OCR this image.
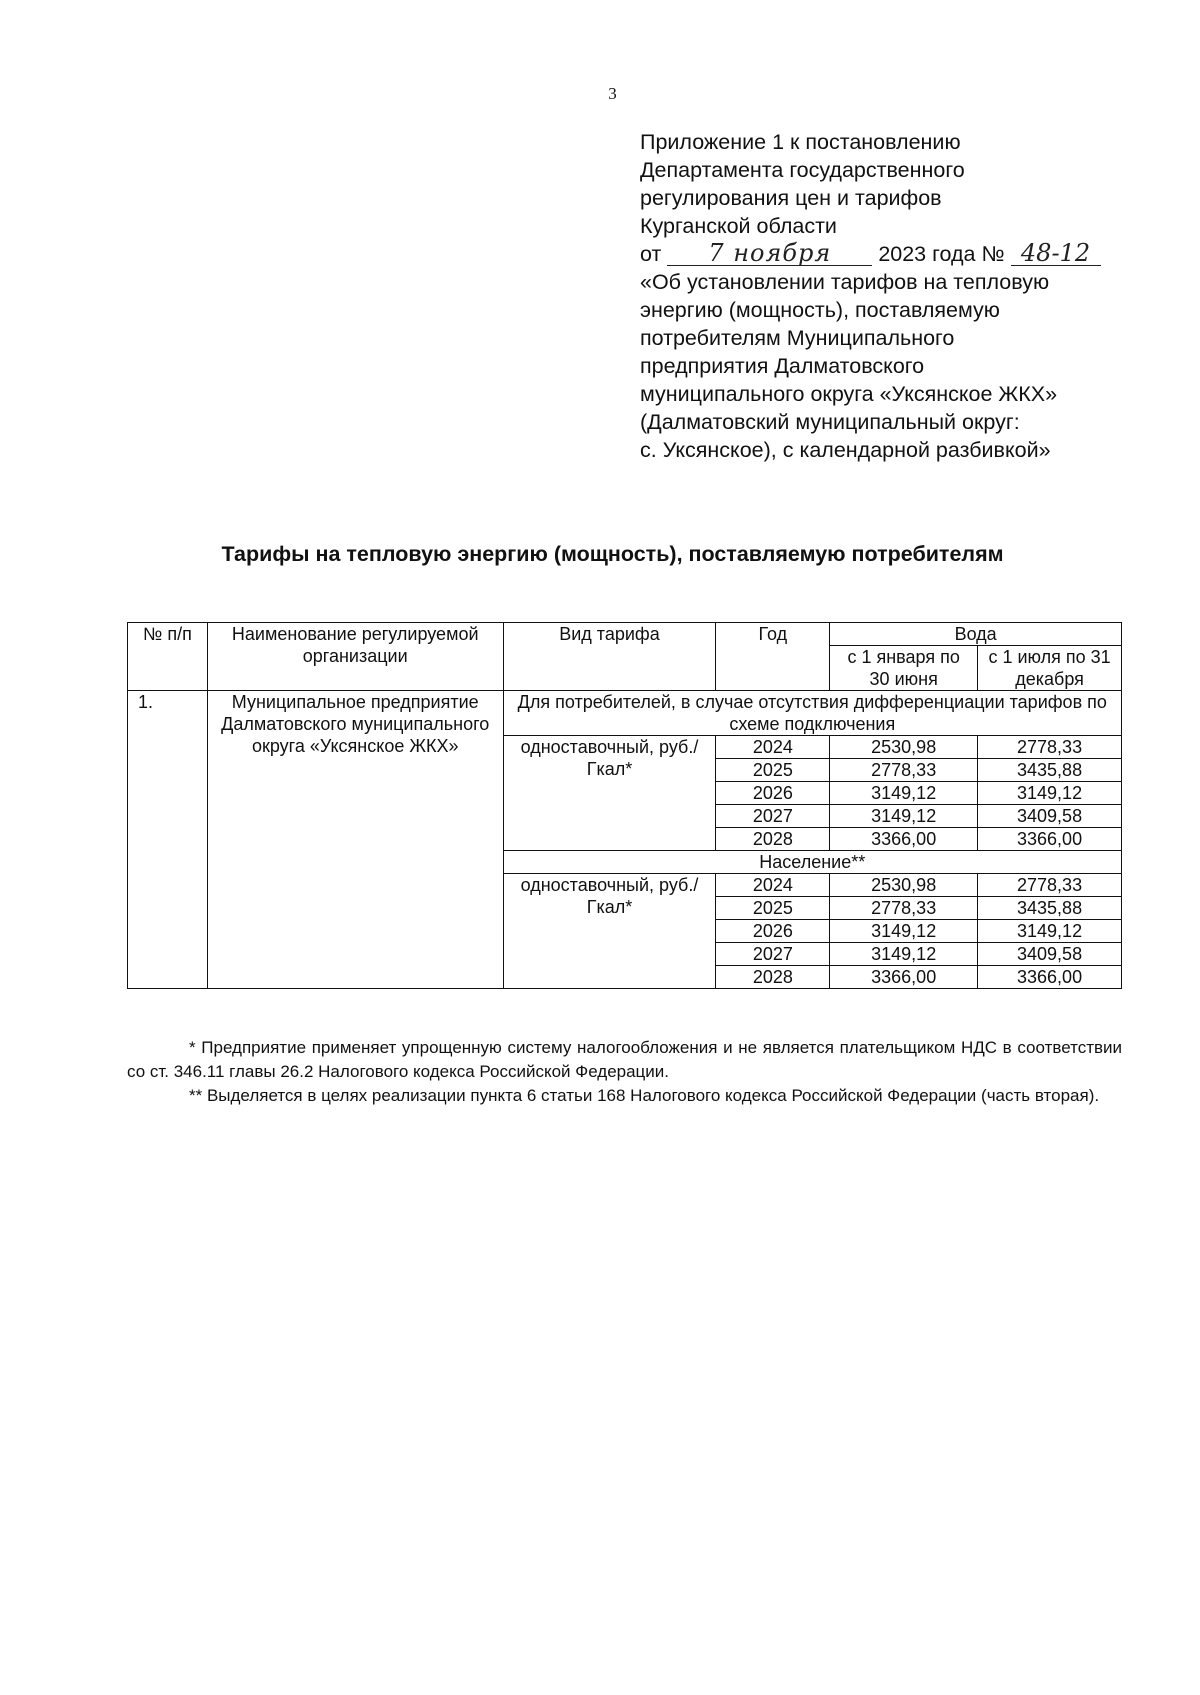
3
Приложение 1 к постановлению
Департамента государственного
регулирования цен и тарифов
Курганской области
от 7 ноября 2023 года № 48-12
«Об установлении тарифов на тепловую
энергию (мощность), поставляемую
потребителям Муниципального
предприятия Далматовского
муниципального округа «Уксянское ЖКХ»
(Далматовский муниципальный округ:
с. Уксянское), с календарной разбивкой»
Тарифы на тепловую энергию (мощность), поставляемую потребителям
№ п/п	Наименование регулируемой организации	Вид тарифа	Год	Вода	
				с 1 января по 30 июня	с 1 июля по 31 декабря
1.	Муниципальное предприятие Далматовского муниципального округа «Уксянское ЖКХ»	Для потребителей, в случае отсутствия дифференциации тарифов по схеме подключения			
		одноставочный, руб./Гкал*	2024	2530,98	2778,33
			2025	2778,33	3435,88
			2026	3149,12	3149,12
			2027	3149,12	3409,58
			2028	3366,00	3366,00
		Население**			
		одноставочный, руб./Гкал*	2024	2530,98	2778,33
			2025	2778,33	3435,88
			2026	3149,12	3149,12
			2027	3149,12	3409,58
			2028	3366,00	3366,00

* Предприятие применяет упрощенную систему налогообложения и не является плательщиком НДС в соответствии со ст. 346.11 главы 26.2 Налогового кодекса Российской Федерации.

** Выделяется в целях реализации пункта 6 статьи 168 Налогового кодекса Российской Федерации (часть вторая).
